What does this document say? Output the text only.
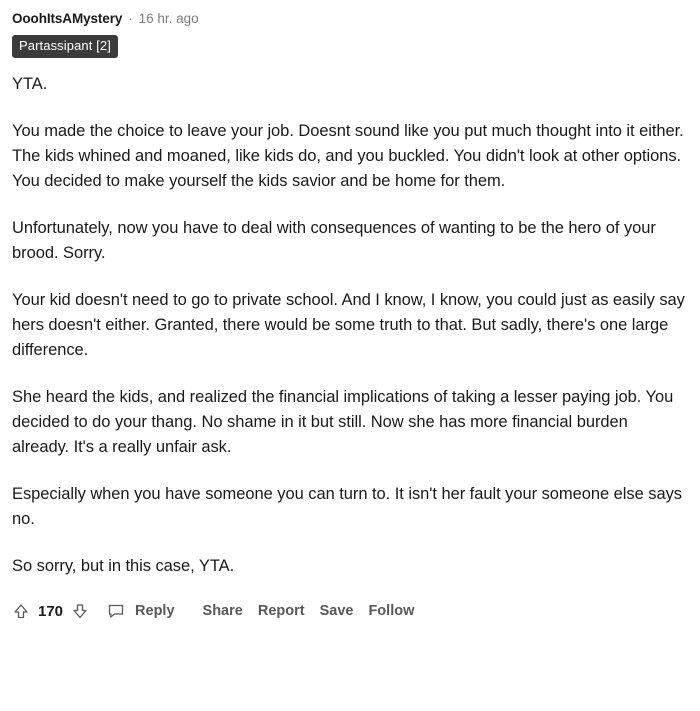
OoohItsAMystery · 16 hr. ago
Partassipant [2]

YTA.

You made the choice to leave your job. Doesnt sound like you put much thought into it either. The kids whined and moaned, like kids do, and you buckled. You didn't look at other options. You decided to make yourself the kids savior and be home for them.

Unfortunately, now you have to deal with consequences of wanting to be the hero of your brood. Sorry.

Your kid doesn't need to go to private school. And I know, I know, you could just as easily say hers doesn't either. Granted, there would be some truth to that. But sadly, there's one large difference.

She heard the kids, and realized the financial implications of taking a lesser paying job. You decided to do your thang. No shame in it but still. Now she has more financial burden already. It's a really unfair ask.

Especially when you have someone you can turn to. It isn't her fault your someone else says no.

So sorry, but in this case, YTA.

170	Reply Share Report Save Follow
